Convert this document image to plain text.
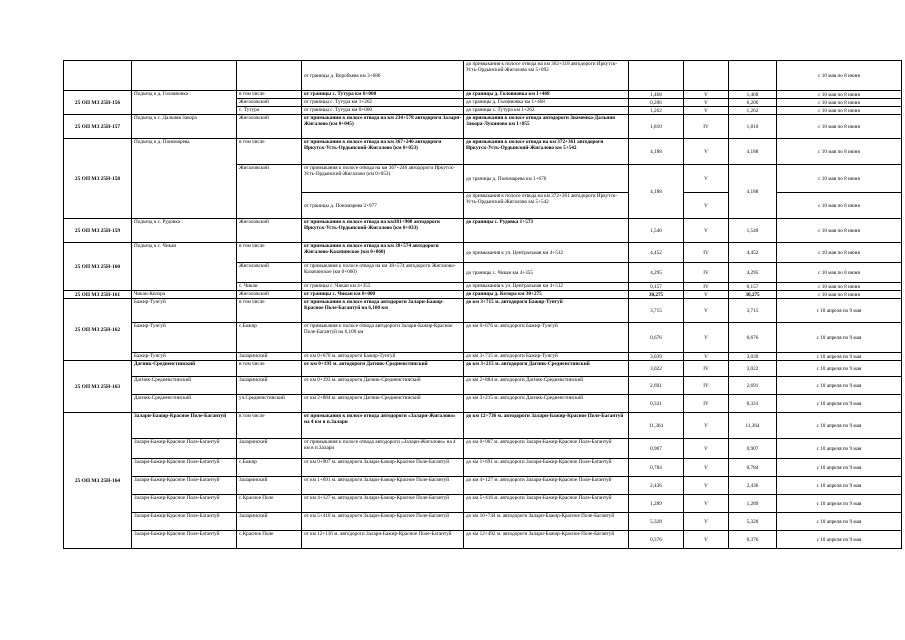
			от границы д. Воробьева км 3+680	до примыкания к полосе отвода на км 362+318 автодороги Иркутск-Усть-Ордынский-Жигалово км 5+092				с 10 мая по 8 июня
25 ОП МЗ 25Н-156	Подъезд к д. Головновка	в том числе	от границы с. Тутура км 0+000	до границы д. Головновка км 1+468	1,468	V	1,468	с 10 мая по 8 июня
		Жигаловский	от границы с. Тутура км 1+262	до границы д. Головновка км 1+468	0,206	V	0,206	с 10 мая по 8 июня
		с. Тутура	от границы с. Тутура км 0+000	до границы с. Тутура км 1+262	1,262	V	1,262	с 10 мая по 8 июня
25 ОП МЗ 25Н-157	Подъезд к с. Дальняя Закора	Жигаловский	от примыкания к полосе отвода на км 234+578 автодороги Залари-Жигалово (км 0+045)	до примыкания к полосе отвода автодороги Знаменка-Дальняя Закора-Лукиново км 1+855	1,810	IV	1,810	с 10 мая по 8 июня
25 ОП МЗ 25Н-158	Подъезд к д. Пономарева	в том числе	от примыкания к полосе отвода на км 367+246 автодороги Иркутск-Усть-Ордынский-Жигалово (км 0+053)	до примыкания к полосе отвода на км 372+361 автодороги Иркутск-Усть-Ордынский-Жигалово км 5+542	4,188	V	4,188	с 10 мая по 8 июня
		Жигаловский	от примыкания к полосе отвода на км 367+246 автодороги Иркутск-Усть-Ордынский-Жигалово (км 0+053)	до границы д. Пономарева км 1+676	4,188	V	4,188	с 10 мая по 8 июня
			от границы д. Пономарева 2+977	до примыкания к полосе отвода на км 372+361 автодороги Иркутск-Усть-Ордынский-Жигалово км 5+542		V		с 10 мая по 8 июня
25 ОП МЗ 25Н-159	Подъезд к с. Рудовка	Жигаловский	от примыкания к полосе отвода на км381+900 автодороги Иркутск-Усть-Ордынский-Жигалово (км 0+033)	до границы с. Рудовка 1+573	1,540	V	1,540	с 10 мая по 8 июня
25 ОП МЗ 25Н-160	Подъезд к с. Чикан	в том числе	от примыкания к полосе отвода на км 38+574 автодороги Жигалово-Казачинское (км 0+060)	до примыкания к ул. Центральная км 4+512	4,452	IV	4,452	с 10 мая по 8 июня
		Жигаловский	от примыкания к полосе отвода на км 38+574 автодороги Жигалово-Казачинское (км 0+060)	до границы с. Чикан км 4+355	4,295	IV	4,295	с 10 мая по 8 июня
		с. Чикан	от границы с. Чикан км 4+355	до примыкания к ул. Центральная км 4+512	0,157	IV	0,157	с 10 мая по 8 июня
25 ОП МЗ 25Н-161	Чикан-Келора	Жигаловский	от границы с. Чикан км 0+000	до границы д. Келора км 30+275	30,275	V	30,275	с 10 мая по 8 июня
25 ОП МЗ 25Н-162	Бажир-Тунгуй	в том числе	от примыкания к полосе отвода автодороги Залари-Бажир-Красное Поле-Багантуй на 6,100 км	до км 3+715 м. автодороги Бажир-Тунгуй	3,715	V	3,715	с 10 апреля по 9 мая
	Бажир-Тунгуй	с.Бажир	от примыкания к полосе отвода автодороги Залари-Бажир-Красное Поле-Багантуй на 6,100 км	до км 0+676 м. автодороги Бажир-Тунгуй	0,676	V	0,676	с 10 апреля по 9 мая
	Бажир-Тунгуй	Заларинский	от км 0+676 м. автодороги Бажир-Тунгуй	до км 3+715 м. автодороги Бажир-Тунгуй	3,039	V	3,039	с 10 апреля по 9 мая
25 ОП МЗ 25Н-163	Дагник-Средненстинский	в том числе	от км 0+193 м. автодороги Дагник-Средненстинский	до км 3+215 м. автодороги Дагник-Средненстинский	3,022	IV	3,022	с 10 апреля по 9 мая
	Дагник-Средненстинский	Заларинский	от км 0+193 м. автодороги Дагник-Средненстинский	до км 2+884 м. автодороги Дагник-Средненстинский	2,691	IV	2,691	с 10 апреля по 9 мая
	Дагник-Средненстинский	уч.Средненстинский	от км 2+884 м. автодороги Дагник-Средненстинский	до км 3+215 м. автодороги Дагник-Средненстинский	0,331	IV	0,331	с 10 апреля по 9 мая
25 ОП МЗ 25Н-164	Залари-Бажир-Красное Поле-Багантуй	в том числе	от примыкания к полосе отвода автодороги «Залари-Жигалово» на 4 км в п.Залари	до км 12+736 м. автодороги Залари-Бажир-Красное Поле-Багантуй	11,364	V	11,364	с 10 апреля по 9 мая
	Залари-Бажир-Красное Поле-Багантуй	Заларинский	от примыкания к полосе отвода автодороги «Залари-Жигалово» на 4 км в п.Залари	до км 0+907 м. автодороги Залари-Бажир-Красное Поле-Багантуй	0,907	V	0,907	с 10 апреля по 9 мая
	Залари-Бажир-Красное Поле-Багантуй	с.Бажир	от км 0+907 м. автодороги Залари-Бажир-Красное Поле-Багантуй	до км 1+691 м. автодороги Залари-Бажир-Красное Поле-Багантуй	0,784	V	0,784	с 10 апреля по 9 мая
	Залари-Бажир-Красное Поле-Багантуй	Заларинский	от км 1+691 м. автодороги Залари-Бажир-Красное Поле-Багантуй	до км 4+127 м. автодороги Залари-Бажир-Красное Поле-Багантуй	2,436	V	2,436	с 10 апреля по 9 мая
	Залари-Бажир-Красное Поле-Багантуй	с.Красное Поле	от км 4+127 м. автодороги Залари-Бажир-Красное Поле-Багантуй	до км 5+416 м. автодороги Залари-Бажир-Красное Поле-Багантуй	1,289	V	1,289	с 10 апреля по 9 мая
	Залари-Бажир-Красное Поле-Багантуй	Заларинский	от км 5+416 м. автодороги Залари-Бажир-Красное Поле-Багантуй	до км 10+744 м. автодороги Залари-Бажир-Красное Поле-Багантуй	5,328	V	5,328	с 10 апреля по 9 мая
	Залари-Бажир-Красное Поле-Багантуй	с.Красное Поле	от км 12+116 м. автодороги Залари-Бажир-Красное Поле-Багантуй	до км 12+492 м. автодороги Залари-Бажир-Красное Поле-Багантуй	0,376	V	0,376	с 10 апреля по 9 мая
